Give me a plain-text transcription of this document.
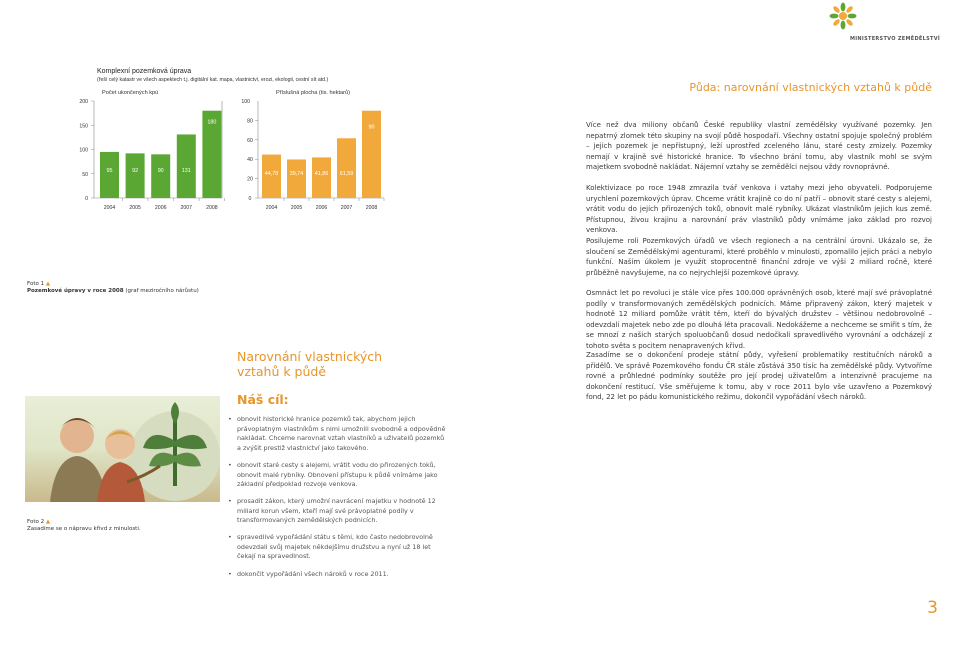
Komplexní pozemková úprava
(řeší celý katastr ve všech aspektech t.j. digitální kat. mapa, vlastnictví, erozi, ekologii, cestní sít atd.)
200
150
100
50
0
100
Počet ukončených kpú
95
2004
92
2005
90
2006
131
2007
180
2008
80
60
40
20
0
Příslušná plocha (tis. hektarů)
44,78
2004
39,74
2005
41,86
2006
61,59
2007
90
2008
Foto 1 ▲
Pozemkové úpravy v roce 2008 (graf meziročního nárůstu)
Foto 2 ▲
Zasadíme se o nápravu křivd z minulosti.
Narovnání vlastnických vztahů k půdě
Náš cíl:
• obnovit historické hranice pozemků tak, abychom jejich právoplatným vlastníkům s nimi umožnili svobodně a odpovědně nakládat. Chceme narovnat vztah vlastníků a uživatelů pozemků a zvýšit prestiž vlastnictví jako takového.
• obnovit staré cesty s alejemi, vrátit vodu do přirozených toků, obnovit malé rybníky. Obnovení přístupu k půdě vnímáme jako základní předpoklad rozvoje venkova.
• prosadit zákon, který umožní navrácení majetku v hodnotě 12 miliard korun všem, kteří mají své právoplatné podíly v transformovaných zemědělských podnicích.
• spravedlivé vypořádání státu s těmi, kdo často nedobrovolně odevzdali svůj majetek někdejšímu družstvu a nyní už 18 let čekají na spravedlnost.
• dokončit vypořádání všech nároků v roce 2011.
MINISTERSTVO ZEMĚDĚLSTVÍ
Půda: narovnání vlastnických vztahů k půdě
Více než dva miliony občanů České republiky vlastní zemědělsky využívané pozemky. Jen nepatrný zlomek této skupiny na svojí půdě hospodaří. Všechny ostatní spojuje společný problém – jejich pozemek je nepřístupný, leží uprostřed zceleného lánu, staré cesty zmizely. Pozemky nemají v krajině své historické hranice. To všechno brání tomu, aby vlastník mohl se svým majetkem svobodně nakládat. Nájemní vztahy se zemědělci nejsou vždy rovnoprávné.
Kolektivizace po roce 1948 zmrazila tvář venkova i vztahy mezi jeho obyvateli. Podporujeme urychlení pozemkových úprav. Chceme vrátit krajině co do ní patří – obnovit staré cesty s alejemi, vrátit vodu do jejích přirozených toků, obnovit malé rybníky. Ukázat vlastníkům jejich kus země. Přístupnou, živou krajinu a narovnání práv vlastníků půdy vnímáme jako základ pro rozvoj venkova.
Posilujeme roli Pozemkových úřadů ve všech regionech a na centrální úrovni. Ukázalo se, že sloučení se Zemědělskými agenturami, které proběhlo v minulosti, zpomalilo jejich práci a nebylo funkční. Naším úkolem je využít stoprocentně finanční zdroje ve výši 2 miliard ročně, které průběžně navyšujeme, na co nejrychlejší pozemkové úpravy.
Osmnáct let po revoluci je stále více přes 100.000 oprávněných osob, které mají své právoplatné podíly v transformovaných zemědělských podnicích. Máme připravený zákon, který majetek v hodnotě 12 miliard pomůže vrátit těm, kteří do bývalých družstev – většinou nedobrovolně – odevzdali majetek nebo zde po dlouhá léta pracovali. Nedokážeme a nechceme se smířit s tím, že se mnozí z našich starých spoluobčanů dosud nedočkali spravedlivého vyrovnání a odcházejí z tohoto světa s pocitem nenapravených křivd.
Zasadíme se o dokončení prodeje státní půdy, vyřešení problematiky restitučních nároků a přídělů. Ve správě Pozemkového fondu ČR stále zůstává 350 tisíc ha zemědělské půdy. Vytvoříme rovné a průhledné podmínky soutěže pro její prodej uživatelům a intenzivně pracujeme na dokončení restitucí. Vše směřujeme k tomu, aby v roce 2011 bylo vše uzavřeno a Pozemkový fond, 22 let po pádu komunistického režimu, dokončil vypořádání všech nároků.
3
